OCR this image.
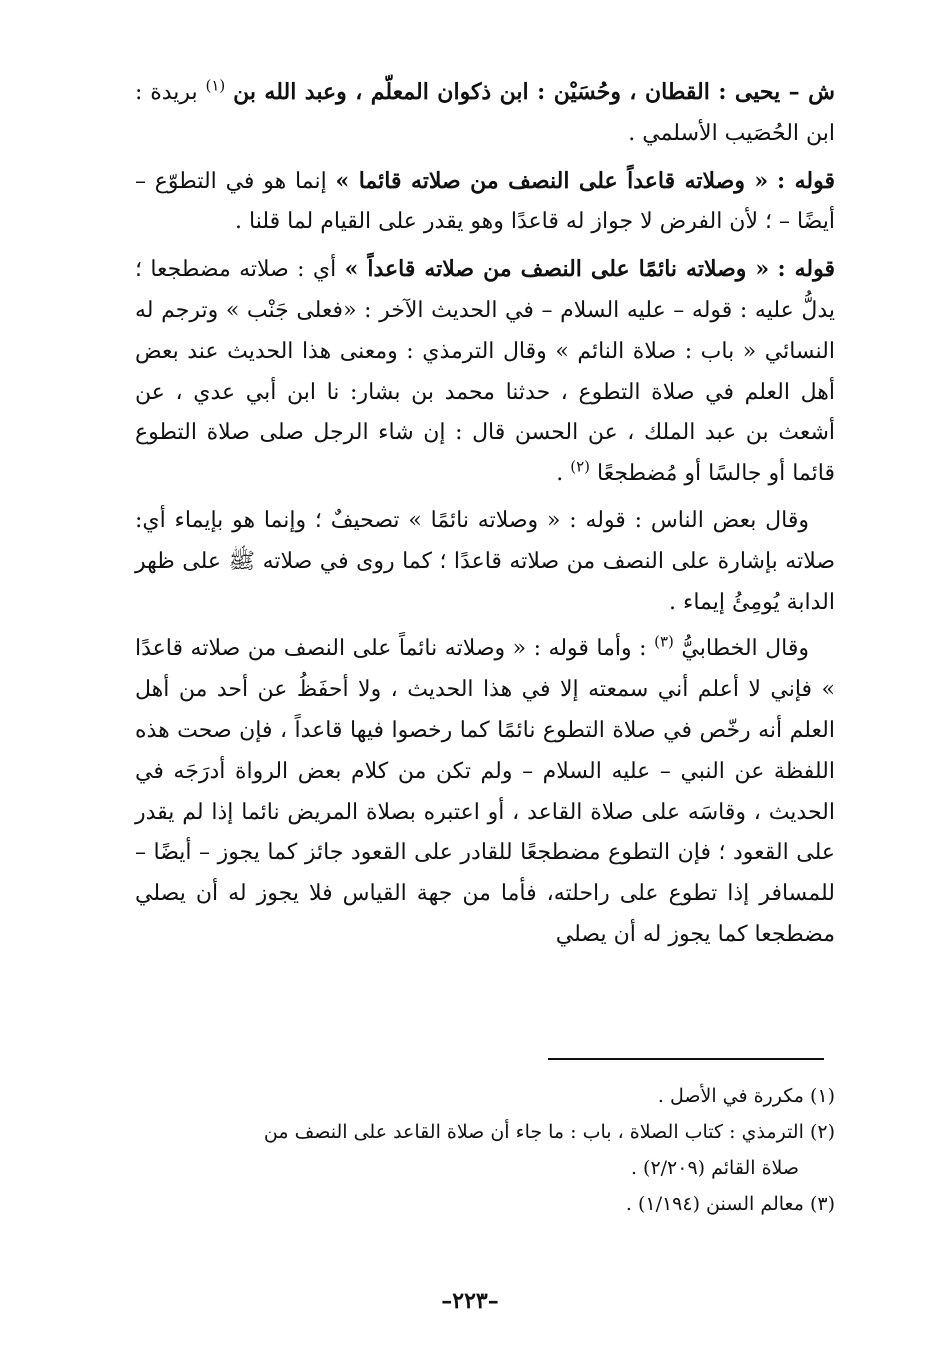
ش – يحيى : القطان ، وحُسَيْن : ابن ذكوان المعلّم ، وعبد الله بن $^{(١)}$ بريدة : ابن الحُصَيب الأسلمي .

قوله : « وصلاته قاعداً على النصف من صلاته قائما » إنما هو في التطوّع – أيضًا – ؛ لأن الفرض لا جواز له قاعدًا وهو يقدر على القيام لما قلنا .

قوله : « وصلاته نائمًا على النصف من صلاته قاعداً » أي : صلاته مضطجعا ؛ يدلُّ عليه : قوله – عليه السلام – في الحديث الآخر : «فعلى جَنْب » وترجم له النسائي « باب : صلاة النائم » وقال الترمذي : ومعنى هذا الحديث عند بعض أهل العلم في صلاة التطوع ، حدثنا محمد بن بشار: نا ابن أبي عدي ، عن أشعث بن عبد الملك ، عن الحسن قال : إن شاء الرجل صلى صلاة التطوع قائما أو جالسًا أو مُضطجعًا $^{(٢)}$ .

وقال بعض الناس : قوله : « وصلاته نائمًا » تصحيفٌ ؛ وإنما هو بإيماء أي: صلاته بإشارة على النصف من صلاته قاعدًا ؛ كما روى في صلاته ﷺ على ظهر الدابة يُومِئُ إيماء .

وقال الخطابيُّ $^{(٣)}$ : وأما قوله : « وصلاته نائماً على النصف من صلاته قاعدًا » فإني لا أعلم أني سمعته إلا في هذا الحديث ، ولا أحفَظُ عن أحد من أهل العلم أنه رخّص في صلاة التطوع نائمًا كما رخصوا فيها قاعداً ، فإن صحت هذه اللفظة عن النبي – عليه السلام – ولم تكن من كلام بعض الرواة أدرَجَه في الحديث ، وقاسَه على صلاة القاعد ، أو اعتبره بصلاة المريض نائما إذا لم يقدر على القعود ؛ فإن التطوع مضطجعًا للقادر على القعود جائز كما يجوز – أيضًا – للمسافر إذا تطوع على راحلته، فأما من جهة القياس فلا يجوز له أن يصلي مضطجعا كما يجوز له أن يصلي

(١) مكررة في الأصل .

(٢) الترمذي : كتاب الصلاة ، باب : ما جاء أن صلاة القاعد على النصف من

صلاة القائم (٢/٢٠٩) .

(٣) معالم السنن (١/١٩٤) .

–٢٢٣–
